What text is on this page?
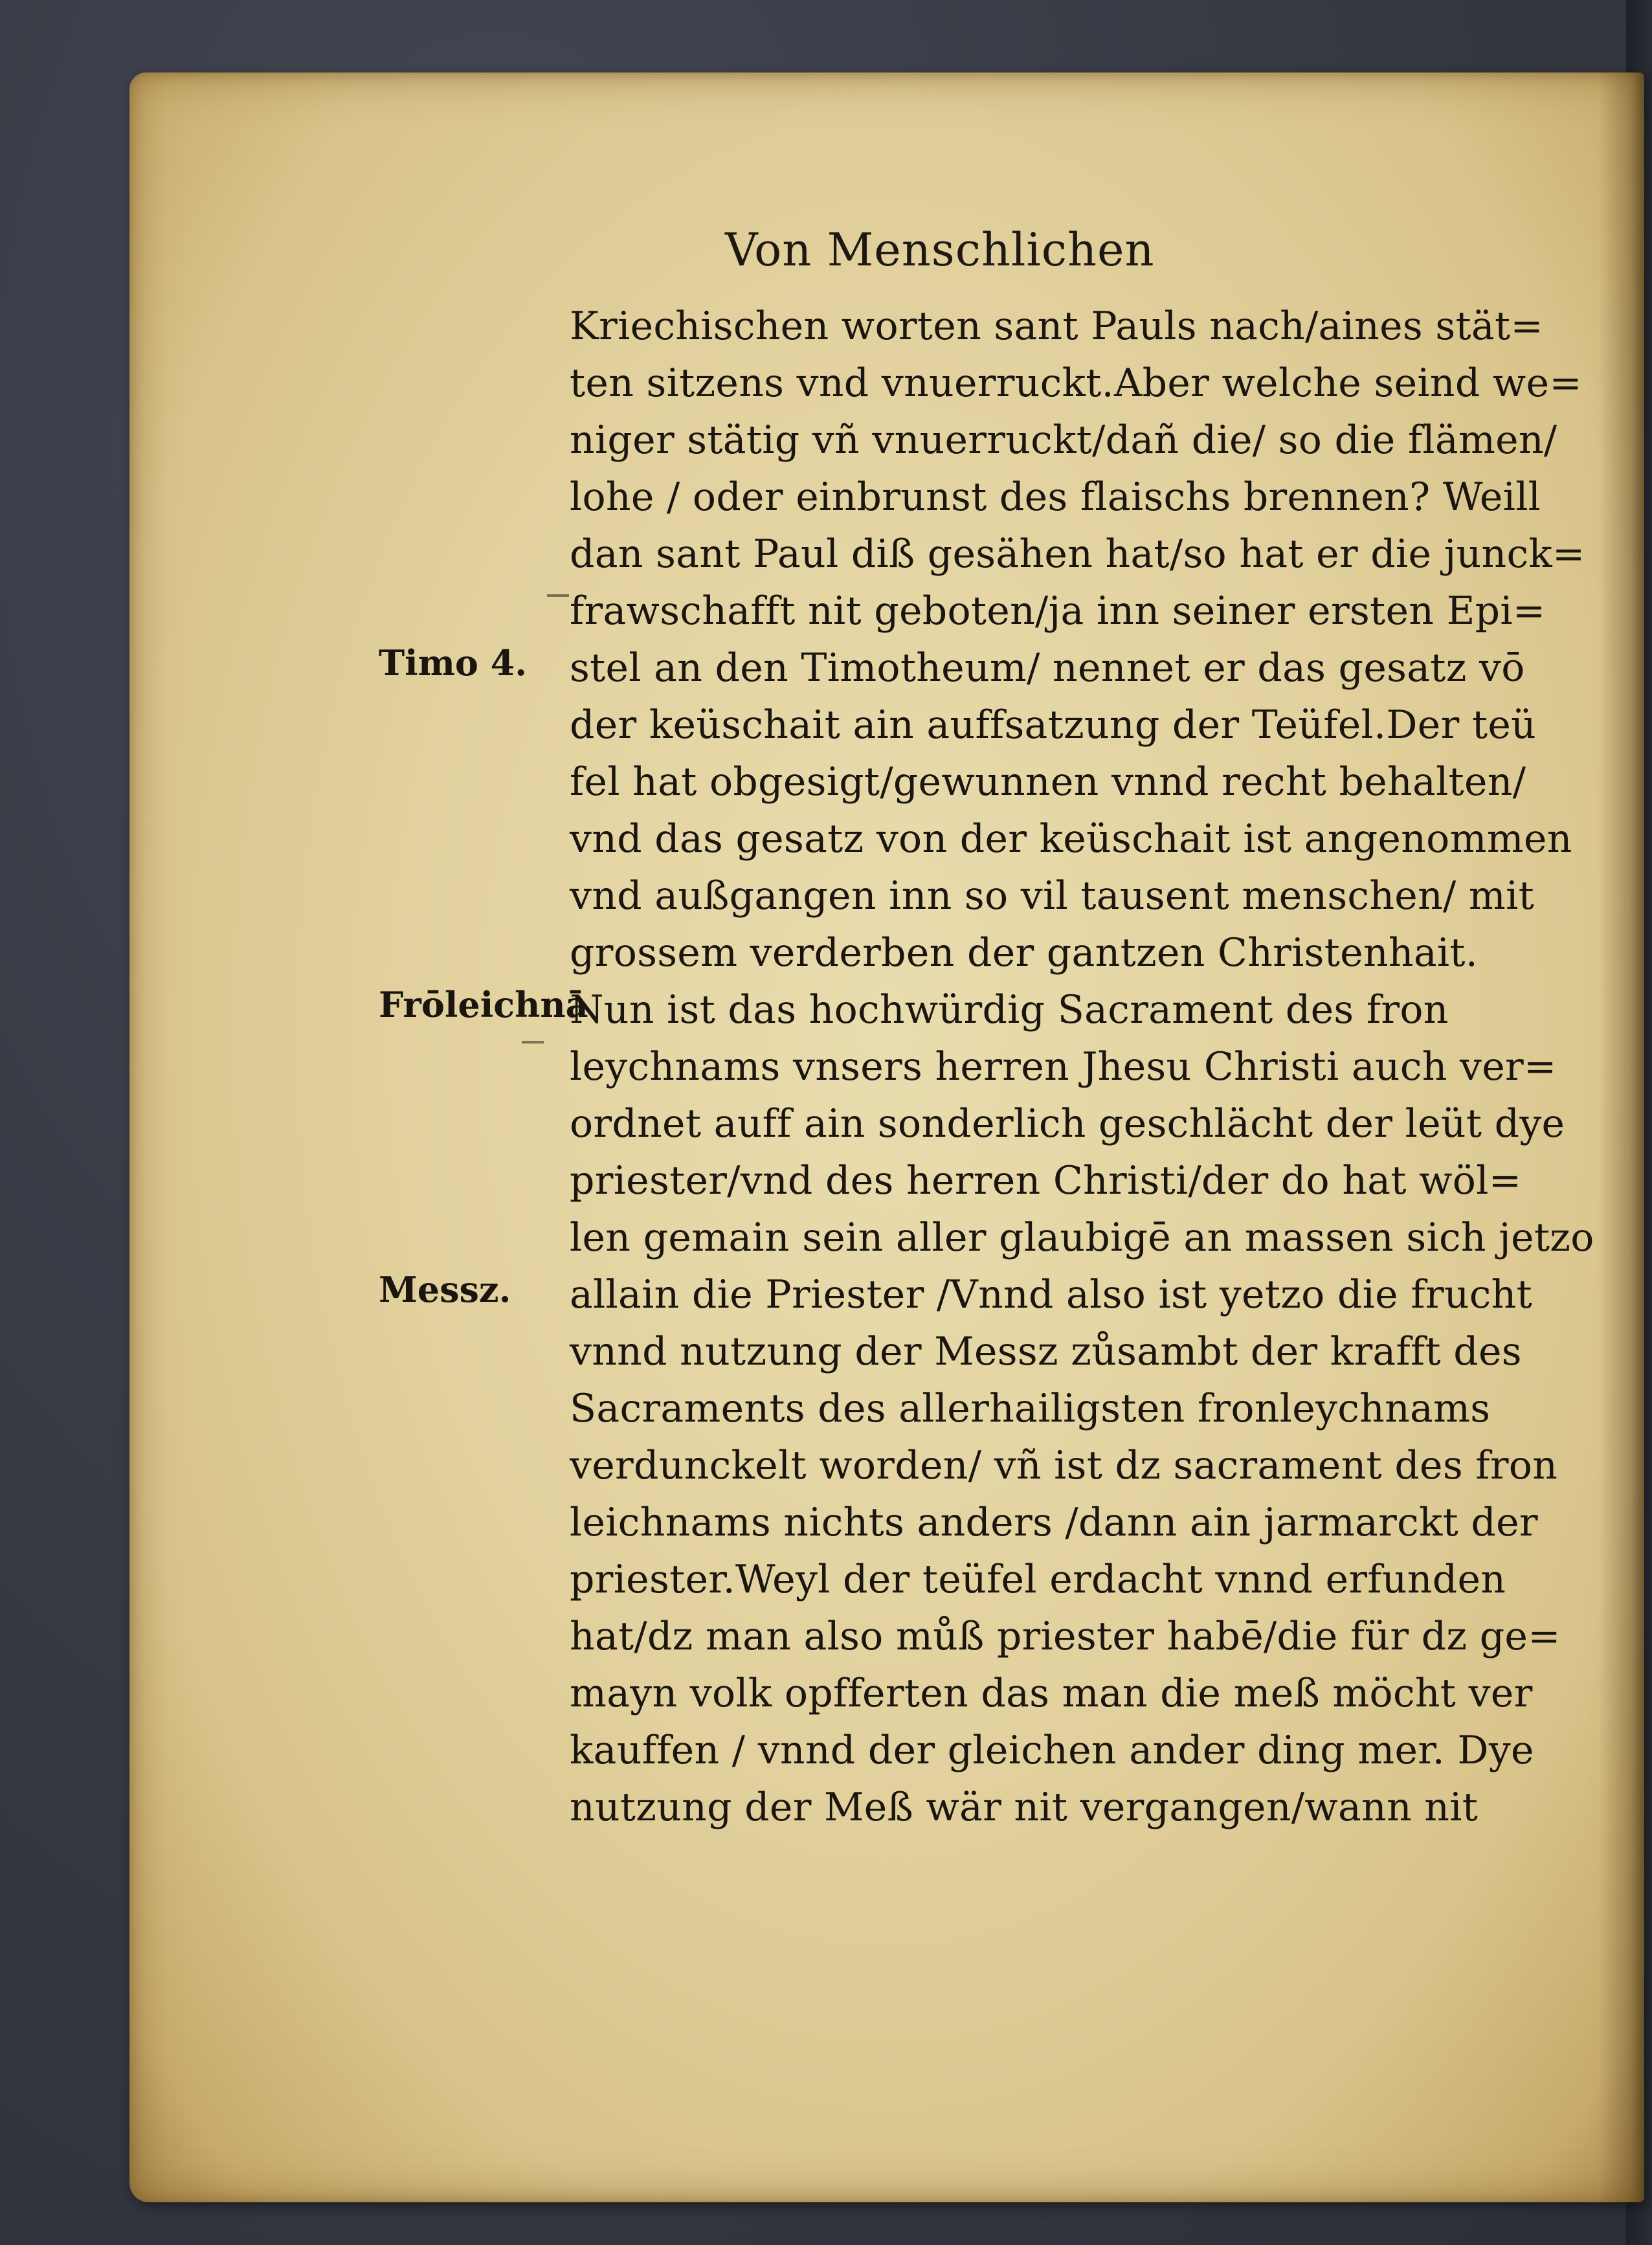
Von Menschlichen
Timo 4.
Frōleichnā
Messz.
Kriechischen worten sant Pauls nach/aines stät=
ten sitzens vnd vnuerruckt.Aber welche seind we=
niger stätig vñ vnuerruckt/dañ die/ so die flämen/
lohe / oder einbrunst des flaischs brennen? Weill
dan sant Paul diß gesähen hat/so hat er die junck=
frawschafft nit geboten/ja inn seiner ersten Epi=
stel an den Timotheum/ nennet er das gesatz vō
der keüschait ain auffsatzung der Teüfel.Der teü
fel hat obgesigt/gewunnen vnnd recht behalten/
vnd das gesatz von der keüschait ist angenommen
vnd außgangen inn so vil tausent menschen/ mit
grossem verderben der gantzen Christenhait.
Nun ist das hochwürdig Sacrament des fron
leychnams vnsers herren Jhesu Christi auch ver=
ordnet auff ain sonderlich geschlächt der leüt dye
priester/vnd des herren Christi/der do hat wöl=
len gemain sein aller glaubigē an massen sich jetzo
allain die Priester /Vnnd also ist yetzo die frucht
vnnd nutzung der Messz zůsambt der krafft des
Sacraments des allerhailigsten fronleychnams
verdunckelt worden/ vñ ist dz sacrament des fron
leichnams nichts anders /dann ain jarmarckt der
priester.Weyl der teüfel erdacht vnnd erfunden
hat/dz man also můß priester habē/die für dz ge=
mayn volk opfferten das man die meß möcht ver
kauffen / vnnd der gleichen ander ding mer. Dye
nutzung der Meß wär nit vergangen/wann nit
